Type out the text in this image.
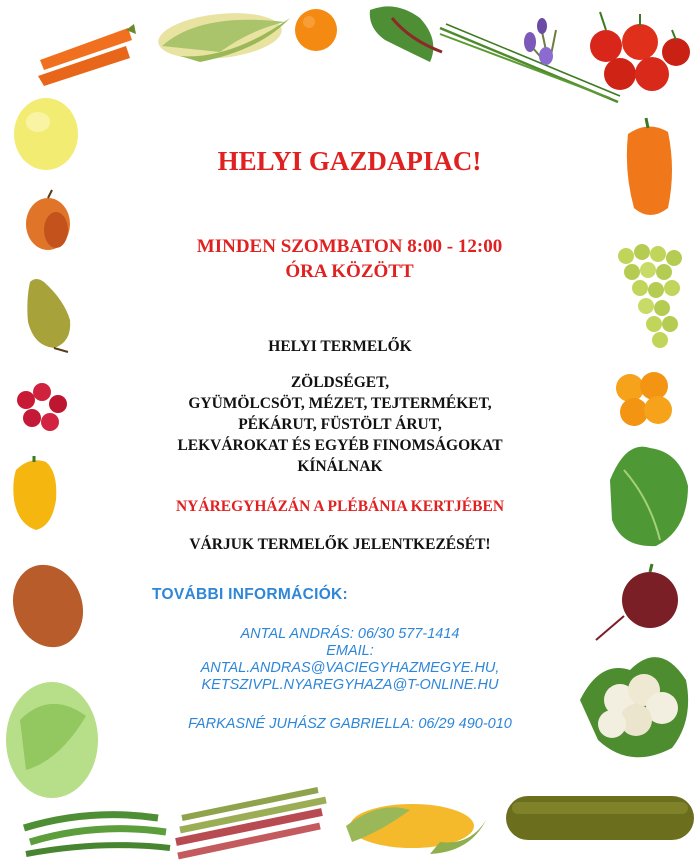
HELYI GAZDAPIAC!
MINDEN SZOMBATON 8:00 - 12:00
ÓRA KÖZÖTT
HELYI TERMELŐK
ZÖLDSÉGET,
GYÜMÖLCSÖT, MÉZET, TEJTERMÉKET,
PÉKÁRUT, FÜSTÖLT ÁRUT,
LEKVÁROKAT ÉS EGYÉB FINOMSÁGOKAT
KÍNÁLNAK
NYÁREGYHÁZÁN A PLÉBÁNIA KERTJÉBEN
VÁRJUK TERMELŐK JELENTKEZÉSÉT!
TOVÁBBI INFORMÁCIÓK:
ANTAL ANDRÁS: 06/30 577-1414
EMAIL:
ANTAL.ANDRAS@VACIEGYHAZMEGYE.HU,
KETSZIVPL.NYAREGYHAZA@T-ONLINE.HU
FARKASNÉ JUHÁSZ GABRIELLA: 06/29 490-010
